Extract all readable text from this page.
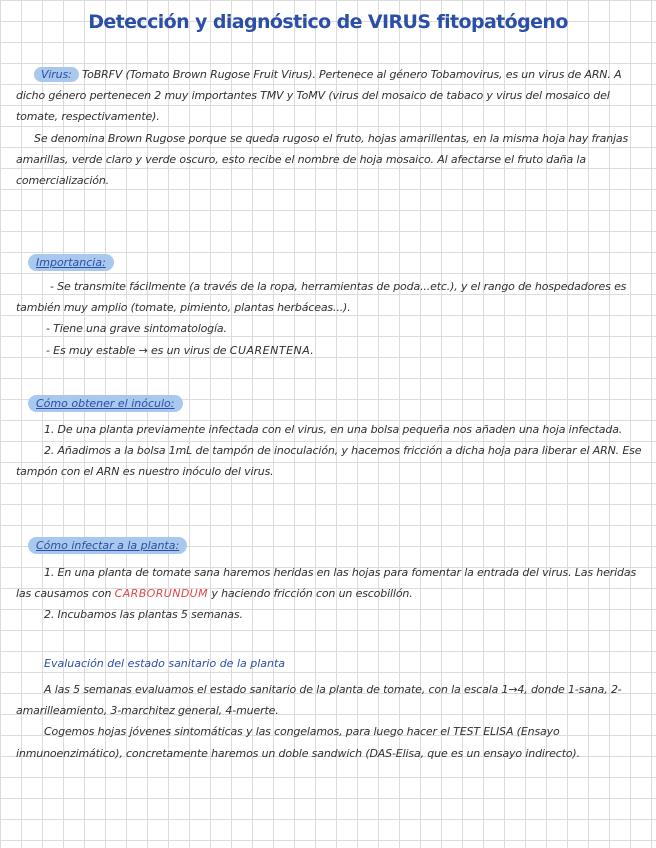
Detección y diagnóstico de VIRUS fitopatógeno

Virus: ToBRFV (Tomato Brown Rugose Fruit Virus). Pertenece al género Tobamovirus, es un virus de ARN. A dicho género pertenecen 2 muy importantes TMV y ToMV (virus del mosaico de tabaco y virus del mosaico del tomate, respectivamente).

Se denomina Brown Rugose porque se queda rugoso el fruto, hojas amarillentas, en la misma hoja hay franjas amarillas, verde claro y verde oscuro, esto recibe el nombre de hoja mosaico. Al afectarse el fruto daña la comercialización.

Importancia:

- Se transmite fácilmente (a través de la ropa, herramientas de poda...etc.), y el rango de hospedadores es también muy amplio (tomate, pimiento, plantas herbáceas...).

- Tiene una grave sintomatología.

- Es muy estable → es un virus de CUARENTENA.

Cómo obtener el inóculo:

1. De una planta previamente infectada con el virus, en una bolsa pequeña nos añaden una hoja infectada.

2. Añadimos a la bolsa 1mL de tampón de inoculación, y hacemos fricción a dicha hoja para liberar el ARN. Ese tampón con el ARN es nuestro inóculo del virus.

Cómo infectar a la planta:

1. En una planta de tomate sana haremos heridas en las hojas para fomentar la entrada del virus. Las heridas las causamos con CARBORUNDUM y haciendo fricción con un escobillón.

2. Incubamos las plantas 5 semanas.

Evaluación del estado sanitario de la planta

A las 5 semanas evaluamos el estado sanitario de la planta de tomate, con la escala 1→4, donde 1-sana, 2-amarilleamiento, 3-marchitez general, 4-muerte.

Cogemos hojas jóvenes sintomáticas y las congelamos, para luego hacer el TEST ELISA (Ensayo inmunoenzimático), concretamente haremos un doble sandwich (DAS-Elisa, que es un ensayo indirecto).
